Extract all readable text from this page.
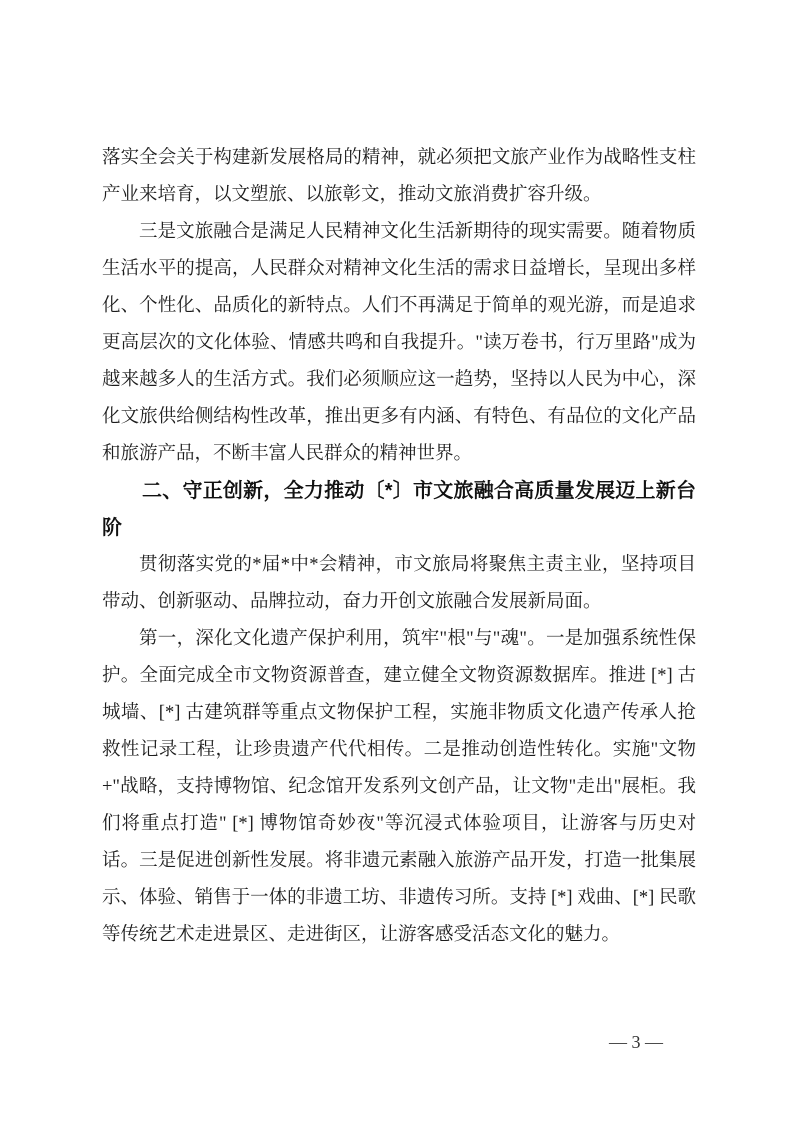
落实全会关于构建新发展格局的精神，就必须把文旅产业作为战略性支柱产业来培育，以文塑旅、以旅彰文，推动文旅消费扩容升级。

三是文旅融合是满足人民精神文化生活新期待的现实需要。随着物质生活水平的提高，人民群众对精神文化生活的需求日益增长，呈现出多样化、个性化、品质化的新特点。人们不再满足于简单的观光游，而是追求更高层次的文化体验、情感共鸣和自我提升。"读万卷书，行万里路"成为越来越多人的生活方式。我们必须顺应这一趋势，坚持以人民为中心，深化文旅供给侧结构性改革，推出更多有内涵、有特色、有品位的文化产品和旅游产品，不断丰富人民群众的精神世界。

二、守正创新，全力推动〔*〕市文旅融合高质量发展迈上新台阶

贯彻落实党的*届*中*会精神，市文旅局将聚焦主责主业，坚持项目带动、创新驱动、品牌拉动，奋力开创文旅融合发展新局面。

第一，深化文化遗产保护利用，筑牢"根"与"魂"。一是加强系统性保护。全面完成全市文物资源普查，建立健全文物资源数据库。推进 [*] 古城墙、[*] 古建筑群等重点文物保护工程，实施非物质文化遗产传承人抢救性记录工程，让珍贵遗产代代相传。二是推动创造性转化。实施"文物+"战略，支持博物馆、纪念馆开发系列文创产品，让文物"走出"展柜。我们将重点打造" [*] 博物馆奇妙夜"等沉浸式体验项目，让游客与历史对话。三是促进创新性发展。将非遗元素融入旅游产品开发，打造一批集展示、体验、销售于一体的非遗工坊、非遗传习所。支持 [*] 戏曲、[*] 民歌等传统艺术走进景区、走进街区，让游客感受活态文化的魅力。

— 3 —
